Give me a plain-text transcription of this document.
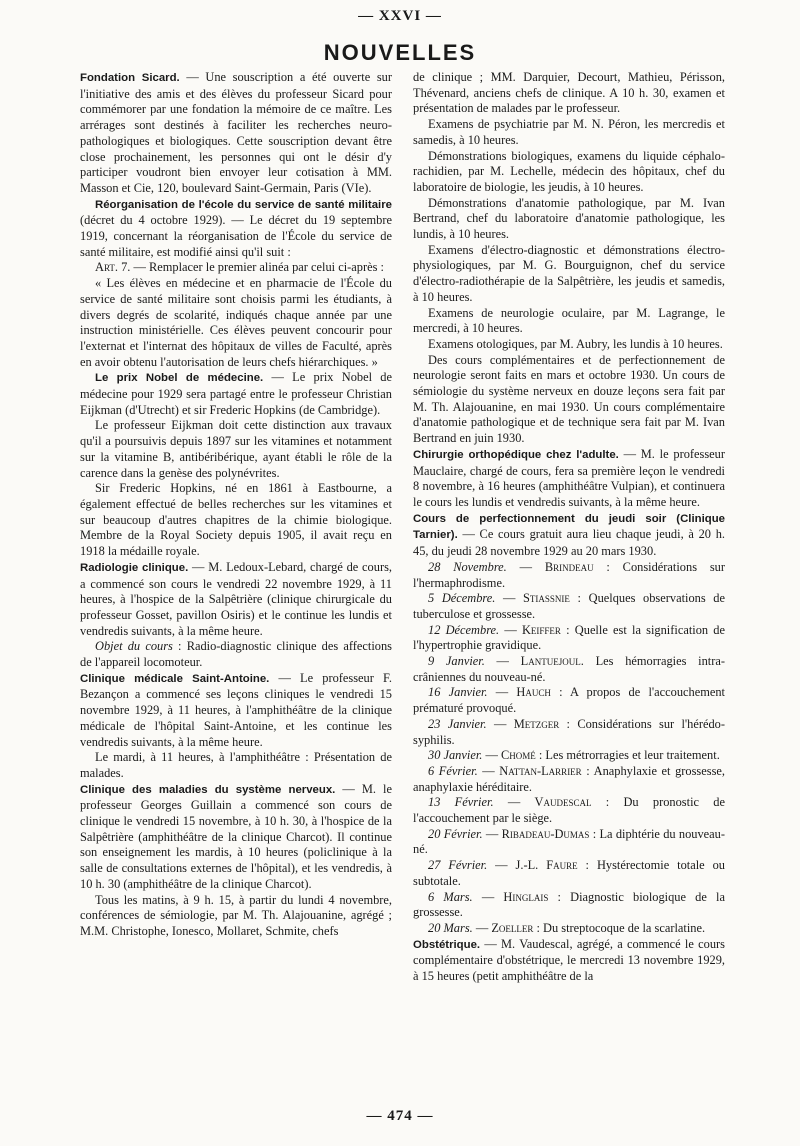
— XXVI —
NOUVELLES

Fondation Sicard. — Une souscription a été ouverte sur l'initiative des amis et des élèves du professeur Sicard pour commémorer par une fondation la mémoire de ce maître. Les arrérages sont destinés à faciliter les recherches neuro-pathologiques et biologiques. Cette souscription devant être close prochainement, les personnes qui ont le désir d'y participer voudront bien envoyer leur cotisation à MM. Masson et Cie, 120, boulevard Saint-Germain, Paris (VIe).

Réorganisation de l'école du service de santé militaire (décret du 4 octobre 1929). — Le décret du 19 septembre 1919, concernant la réorganisation de l'École du service de santé militaire, est modifié ainsi qu'il suit :

Art. 7. — Remplacer le premier alinéa par celui ci-après :

« Les élèves en médecine et en pharmacie de l'École du service de santé militaire sont choisis parmi les étudiants, à divers degrés de scolarité, indiqués chaque année par une instruction ministérielle. Ces élèves peuvent concourir pour l'externat et l'internat des hôpitaux de villes de Faculté, après en avoir obtenu l'autorisation de leurs chefs hiérarchiques. »

Le prix Nobel de médecine. — Le prix Nobel de médecine pour 1929 sera partagé entre le professeur Christian Eijkman (d'Utrecht) et sir Frederic Hopkins (de Cambridge).

Le professeur Eijkman doit cette distinction aux travaux qu'il a poursuivis depuis 1897 sur les vitamines et notamment sur la vitamine B, antibéribérique, ayant établi le rôle de la carence dans la genèse des polynévrites.

Sir Frederic Hopkins, né en 1861 à Eastbourne, a également effectué de belles recherches sur les vitamines et sur beaucoup d'autres chapitres de la chimie biologique. Membre de la Royal Society depuis 1905, il avait reçu en 1918 la médaille royale.

Radiologie clinique. — M. Ledoux-Lebard, chargé de cours, a commencé son cours le vendredi 22 novembre 1929, à 11 heures, à l'hospice de la Salpêtrière (clinique chirurgicale du professeur Gosset, pavillon Osiris) et le continue les lundis et vendredis suivants, à la même heure.

Objet du cours : Radio-diagnostic clinique des affections de l'appareil locomoteur.

Clinique médicale Saint-Antoine. — Le professeur F. Bezançon a commencé ses leçons cliniques le vendredi 15 novembre 1929, à 11 heures, à l'amphithéâtre de la clinique médicale de l'hôpital Saint-Antoine, et les continue les vendredis suivants, à la même heure.

Le mardi, à 11 heures, à l'amphithéâtre : Présentation de malades.

Clinique des maladies du système nerveux. — M. le professeur Georges Guillain a commencé son cours de clinique le vendredi 15 novembre, à 10 h. 30, à l'hospice de la Salpêtrière (amphithéâtre de la clinique Charcot). Il continue son enseignement les mardis, à 10 heures (policlinique à la salle de consultations externes de l'hôpital), et les vendredis, à 10 h. 30 (amphithéâtre de la clinique Charcot).

Tous les matins, à 9 h. 15, à partir du lundi 4 novembre, conférences de sémiologie, par M. Th. Alajouanine, agrégé ; M.M. Christophe, Ionesco, Mollaret, Schmite, chefs

de clinique ; MM. Darquier, Decourt, Mathieu, Périsson, Thévenard, anciens chefs de clinique. A 10 h. 30, examen et présentation de malades par le professeur.

Examens de psychiatrie par M. N. Péron, les mercredis et samedis, à 10 heures.

Démonstrations biologiques, examens du liquide céphalo-rachidien, par M. Lechelle, médecin des hôpitaux, chef du laboratoire de biologie, les jeudis, à 10 heures.

Démonstrations d'anatomie pathologique, par M. Ivan Bertrand, chef du laboratoire d'anatomie pathologique, les lundis, à 10 heures.

Examens d'électro-diagnostic et démonstrations électro-physiologiques, par M. G. Bourguignon, chef du service d'électro-radiothérapie de la Salpêtrière, les jeudis et samedis, à 10 heures.

Examens de neurologie oculaire, par M. Lagrange, le mercredi, à 10 heures.

Examens otologiques, par M. Aubry, les lundis à 10 heures.

Des cours complémentaires et de perfectionnement de neurologie seront faits en mars et octobre 1930. Un cours de sémiologie du système nerveux en douze leçons sera fait par M. Th. Alajouanine, en mai 1930. Un cours complémentaire d'anatomie pathologique et de technique sera fait par M. Ivan Bertrand en juin 1930.

Chirurgie orthopédique chez l'adulte. — M. le professeur Mauclaire, chargé de cours, fera sa première leçon le vendredi 8 novembre, à 16 heures (amphithéâtre Vulpian), et continuera le cours les lundis et vendredis suivants, à la même heure.

Cours de perfectionnement du jeudi soir (Clinique Tarnier). — Ce cours gratuit aura lieu chaque jeudi, à 20 h. 45, du jeudi 28 novembre 1929 au 20 mars 1930.

28 Novembre. — Brindeau : Considérations sur l'hermaphrodisme.

5 Décembre. — Stiassnie : Quelques observations de tuberculose et grossesse.

12 Décembre. — Keiffer : Quelle est la signification de l'hypertrophie gravidique.

9 Janvier. — Lantuejoul. Les hémorragies intra-crâniennes du nouveau-né.

16 Janvier. — Hauch : A propos de l'accouchement prématuré provoqué.

23 Janvier. — Metzger : Considérations sur l'hérédo-syphilis.

30 Janvier. — Chomé : Les métrorragies et leur traitement.

6 Février. — Nattan-Larrier : Anaphylaxie et grossesse, anaphylaxie héréditaire.

13 Février. — Vaudescal : Du pronostic de l'accouchement par le siège.

20 Février. — Ribadeau-Dumas : La diphtérie du nouveau-né.

27 Février. — J.-L. Faure : Hystérectomie totale ou subtotale.

6 Mars. — Hinglais : Diagnostic biologique de la grossesse.

20 Mars. — Zoeller : Du streptocoque de la scarlatine.

Obstétrique. — M. Vaudescal, agrégé, a commencé le cours complémentaire d'obstétrique, le mercredi 13 novembre 1929, à 15 heures (petit amphithéâtre de la

— 474 —
